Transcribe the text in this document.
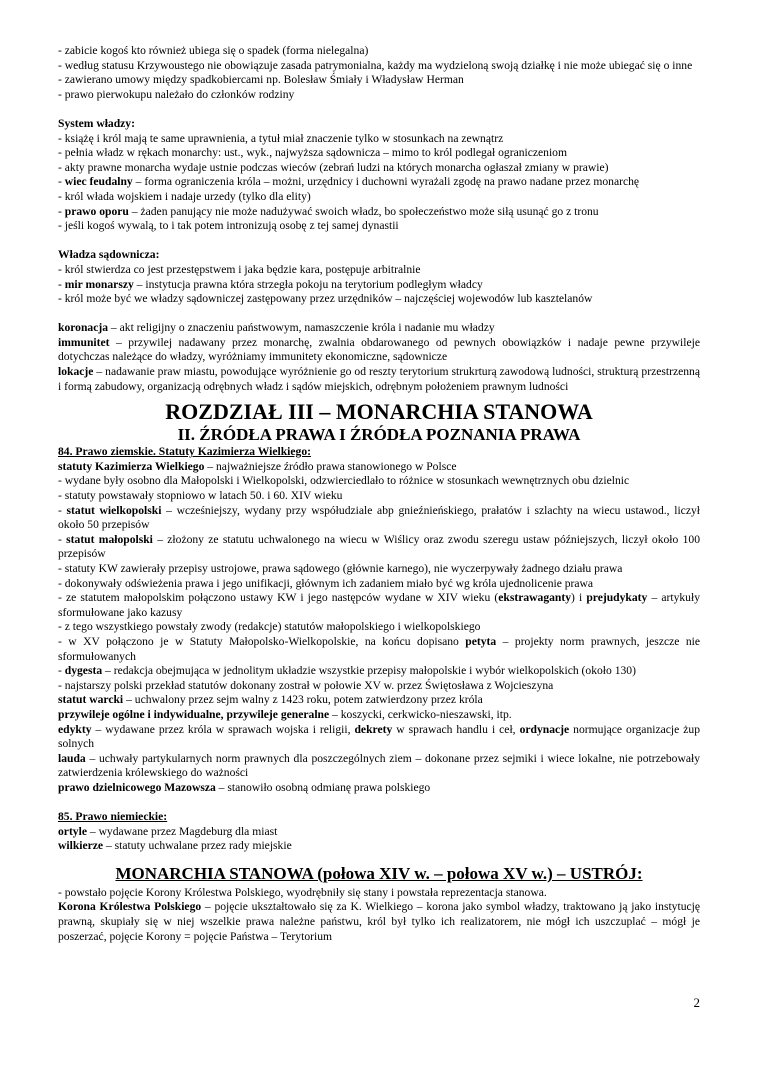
- zabicie kogoś kto również ubiega się o spadek (forma nielegalna)

- według statusu Krzywoustego nie obowiązuje zasada patrymonialna, każdy ma wydzieloną swoją działkę i nie może ubiegać się o inne

- zawierano umowy między spadkobiercami np. Bolesław Śmiały i Władysław Herman

- prawo pierwokupu należało do członków rodziny

System władzy:

- książę i król mają te same uprawnienia, a tytuł miał znaczenie tylko w stosunkach na zewnątrz

- pełnia władz w rękach monarchy: ust., wyk., najwyższa sądownicza – mimo to król podlegał ograniczeniom

- akty prawne monarcha wydaje ustnie podczas wieców (zebrań ludzi na których monarcha ogłaszał zmiany w prawie)

- wiec feudalny – forma ograniczenia króla – możni, urzędnicy i duchowni wyrażali zgodę na prawo nadane przez monarchę

- król włada wojskiem i nadaje urzedy (tylko dla elity)

- prawo oporu – żaden panujący nie może nadużywać swoich władz, bo społeczeństwo może siłą usunąć go z tronu

- jeśli kogoś wywalą, to i tak potem intronizują osobę z tej samej dynastii

Władza sądownicza:

- król stwierdza co jest przestępstwem i jaka będzie kara, postępuje arbitralnie

- mir monarszy – instytucja prawna która strzegła pokoju na terytorium podległym władcy

- król może być we władzy sądowniczej zastępowany przez urzędników – najczęściej wojewodów lub kasztelanów

koronacja – akt religijny o znaczeniu państwowym, namaszczenie króla i nadanie mu władzy

immunitet – przywilej nadawany przez monarchę, zwalnia obdarowanego od pewnych obowiązków i nadaje pewne przywileje dotychczas należące do władzy, wyróżniamy immunitety ekonomiczne, sądownicze

lokacje – nadawanie praw miastu, powodujące wyróżnienie go od reszty terytorium strukrturą zawodową ludności, strukturą przestrzenną i formą zabudowy, organizacją odrębnych władz i sądów miejskich, odrębnym położeniem prawnym ludności

ROZDZIAŁ III – MONARCHIA STANOWA
II. ŹRÓDŁA PRAWA I ŹRÓDŁA POZNANIA PRAWA

84. Prawo ziemskie. Statuty Kazimierza Wielkiego:

statuty Kazimierza Wielkiego – najważniejsze źródło prawa stanowionego w Polsce

- wydane były osobno dla Małopolski i Wielkopolski, odzwierciedlało to różnice w stosunkach wewnętrznych obu dzielnic

- statuty powstawały stopniowo w latach 50. i 60. XIV wieku

- statut wielkopolski – wcześniejszy, wydany przy współudziale abp gnieźnieńskiego, prałatów i szlachty na wiecu ustawod., liczył około 50 przepisów

- statut małopolski – złożony ze statutu uchwalonego na wiecu w Wiślicy oraz zwodu szeregu ustaw późniejszych, liczył około 100 przepisów

- statuty KW zawierały przepisy ustrojowe, prawa sądowego (głównie karnego), nie wyczerpywały żadnego działu prawa

- dokonywały odświeżenia prawa i jego unifikacji, głównym ich zadaniem miało być wg króla ujednolicenie prawa

- ze statutem małopolskim połączono ustawy KW i jego następców wydane w XIV wieku (ekstrawaganty) i prejudykaty – artykuły sformułowane jako kazusy

- z tego wszystkiego powstały zwody (redakcje) statutów małopolskiego i wielkopolskiego

- w XV połączono je w Statuty Małopolsko-Wielkopolskie, na końcu dopisano petyta – projekty norm prawnych, jeszcze nie sformułowanych

- dygesta – redakcja obejmująca w jednolitym układzie wszystkie przepisy małopolskie i wybór wielkopolskich (około 130)

- najstarszy polski przekład statutów dokonany zostrał w połowie XV w. przez Świętosława z Wojcieszyna

statut warcki – uchwalony przez sejm walny z 1423 roku, potem zatwierdzony przez króla

przywileje ogólne i indywidualne, przywileje generalne – koszycki, cerkwicko-nieszawski, itp.

edykty – wydawane przez króla w sprawach wojska i religii, dekrety w sprawach handlu i ceł, ordynacje normujące organizacje żup solnych

lauda – uchwały partykularnych norm prawnych dla poszczególnych ziem – dokonane przez sejmiki i wiece lokalne, nie potrzebowały zatwierdzenia królewskiego do ważności

prawo dzielnicowego Mazowsza – stanowiło osobną odmianę prawa polskiego

85. Prawo niemieckie:

ortyle – wydawane przez Magdeburg dla miast

wilkierze – statuty uchwalane przez rady miejskie

MONARCHIA STANOWA (połowa XIV w. – połowa XV w.) – USTRÓJ:

- powstało pojęcie Korony Królestwa Polskiego, wyodrębniły się stany i powstała reprezentacja stanowa.

Korona Królestwa Polskiego – pojęcie ukształtowało się za K. Wielkiego – korona jako symbol władzy, traktowano ją jako instytucję prawną, skupiały się w niej wszelkie prawa należne państwu, król był tylko ich realizatorem, nie mógł ich uszczuplać – mógł je poszerzać, pojęcie Korony = pojęcie Państwa – Terytorium

2
